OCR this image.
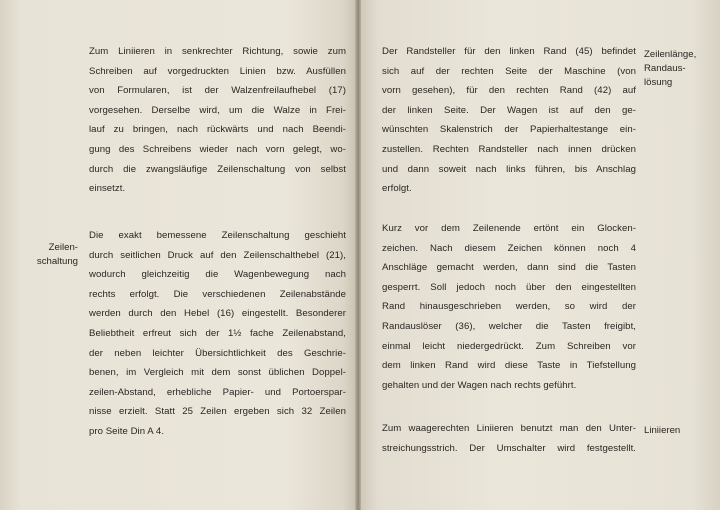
Zum Liniieren in senkrechter Richtung, sowie zum
Schreiben auf vorgedruckten Linien bzw. Ausfüllen
von Formularen, ist der Walzenfreilaufhebel (17)
vorgesehen. Derselbe wird, um die Walze in Frei-
lauf zu bringen, nach rückwärts und nach Beendi-
gung des Schreibens wieder nach vorn gelegt, wo-
durch die zwangsläufige Zeilenschaltung von selbst
einsetzt.
Zeilen-
schaltung
Die exakt bemessene Zeilenschaltung geschieht
durch seitlichen Druck auf den Zeilenschalthebel (21),
wodurch gleichzeitig die Wagenbewegung nach
rechts erfolgt. Die verschiedenen Zeilenabstände
werden durch den Hebel (16) eingestellt. Besonderer
Beliebtheit erfreut sich der 1½ fache Zeilenabstand,
der neben leichter Übersichtlichkeit des Geschrie-
benen, im Vergleich mit dem sonst üblichen Doppel-
zeilen-Abstand, erhebliche Papier- und Portoerspar-
nisse erzielt. Statt 25 Zeilen ergeben sich 32 Zeilen
pro Seite Din A 4.
Der Randsteller für den linken Rand (45) befindet
sich auf der rechten Seite der Maschine (von
vorn gesehen), für den rechten Rand (42) auf
der linken Seite. Der Wagen ist auf den ge-
wünschten Skalenstrich der Papierhaltestange ein-
zustellen. Rechten Randsteller nach innen drücken
und dann soweit nach links führen, bis Anschlag
erfolgt.
Zeilenlänge,
Randaus-
lösung
Kurz vor dem Zeilenende ertönt ein Glocken-
zeichen. Nach diesem Zeichen können noch 4
Anschläge gemacht werden, dann sind die Tasten
gesperrt. Soll jedoch noch über den eingestellten
Rand hinausgeschrieben werden, so wird der
Randauslöser (36), welcher die Tasten freigibt,
einmal leicht niedergedrückt. Zum Schreiben vor
dem linken Rand wird diese Taste in Tiefstellung
gehalten und der Wagen nach rechts geführt.
Zum waagerechten Liniieren benutzt man den Unter-
streichungsstrich. Der Umschalter wird festgestellt.
Liniieren
